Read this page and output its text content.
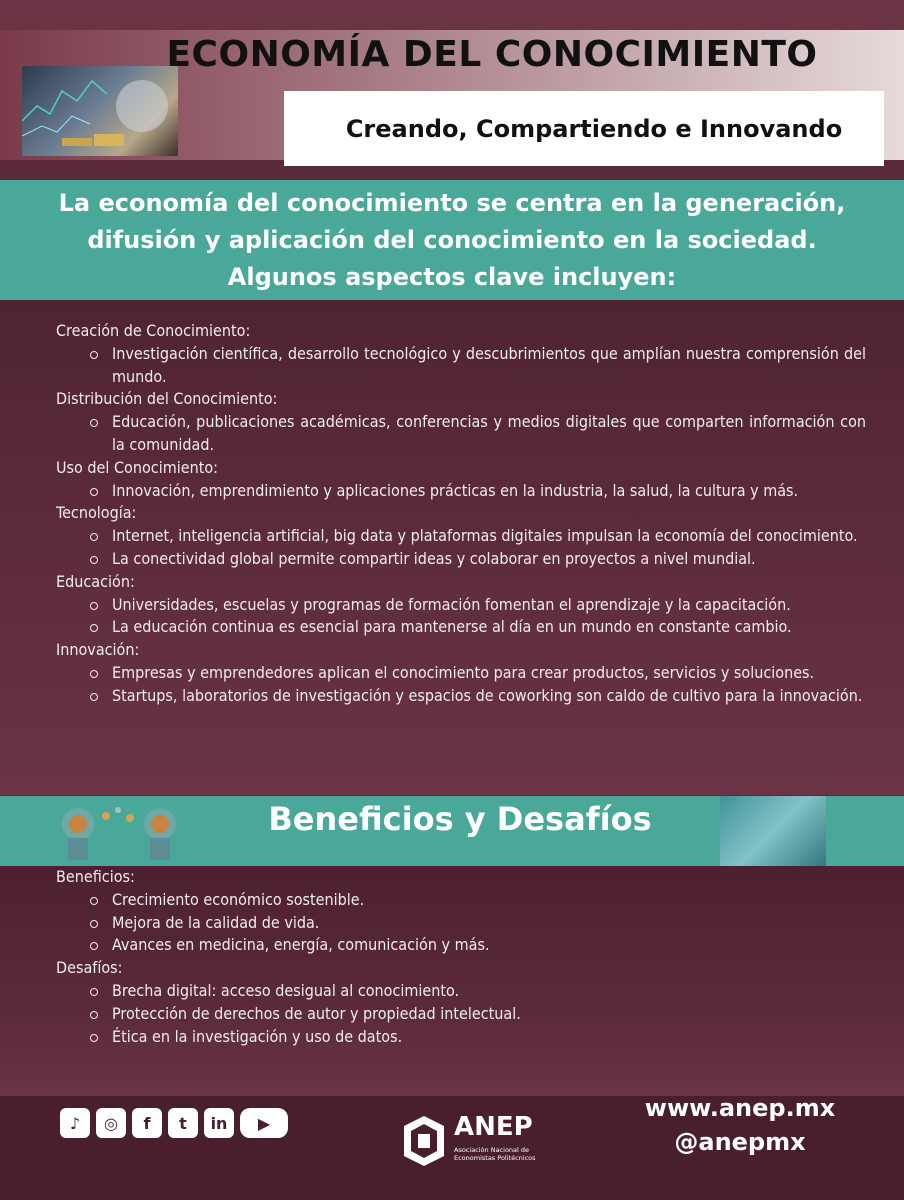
ECONOMÍA DEL CONOCIMIENTO
Creando, Compartiendo e Innovando
La economía del conocimiento se centra en la generación, difusión y aplicación del conocimiento en la sociedad. Algunos aspectos clave incluyen:
Creación de Conocimiento:
Investigación científica, desarrollo tecnológico y descubrimientos que amplían nuestra comprensión del mundo.
Distribución del Conocimiento:
Educación, publicaciones académicas, conferencias y medios digitales que comparten información con la comunidad.
Uso del Conocimiento:
Innovación, emprendimiento y aplicaciones prácticas en la industria, la salud, la cultura y más.
Tecnología:
Internet, inteligencia artificial, big data y plataformas digitales impulsan la economía del conocimiento.
La conectividad global permite compartir ideas y colaborar en proyectos a nivel mundial.
Educación:
Universidades, escuelas y programas de formación fomentan el aprendizaje y la capacitación.
La educación continua es esencial para mantenerse al día en un mundo en constante cambio.
Innovación:
Empresas y emprendedores aplican el conocimiento para crear productos, servicios y soluciones.
Startups, laboratorios de investigación y espacios de coworking son caldo de cultivo para la innovación.
Beneficios y Desafíos
Beneficios:
Crecimiento económico sostenible.
Mejora de la calidad de vida.
Avances en medicina, energía, comunicación y más.
Desafíos:
Brecha digital: acceso desigual al conocimiento.
Protección de derechos de autor y propiedad intelectual.
Ética en la investigación y uso de datos.
♪	◎	f	t	in	▶	ANEP
Asociación Nacional de Economistas Politécnicos
www.anep.mx
@anepmx
